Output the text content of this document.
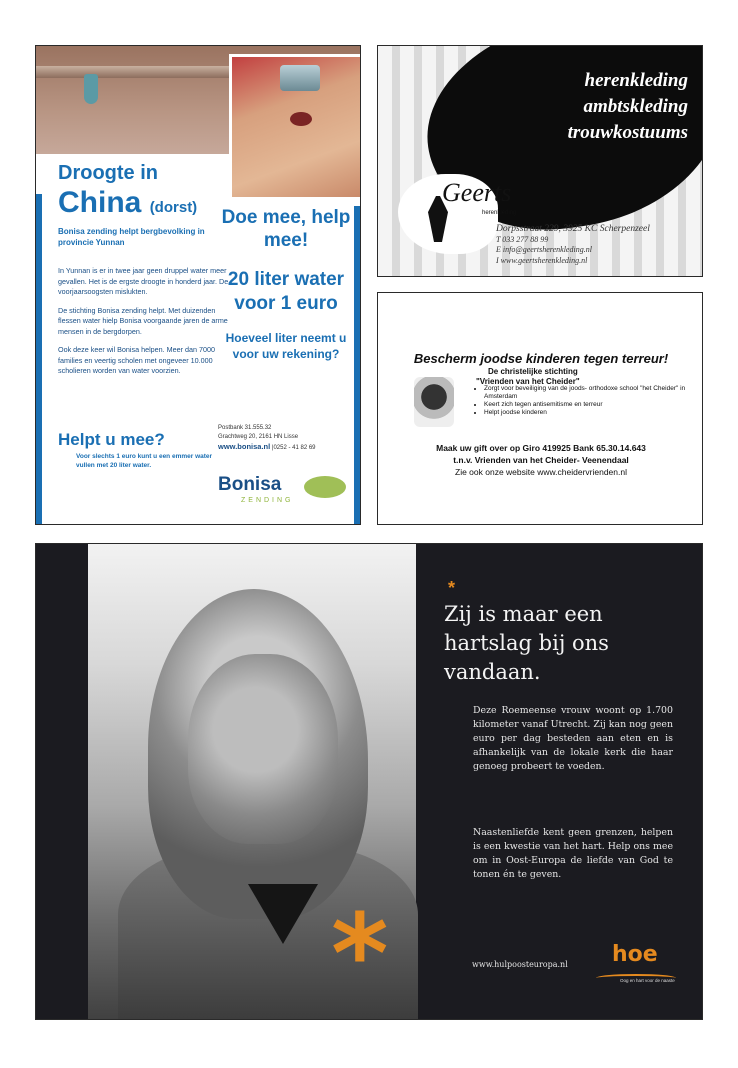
Droogte in
China (dorst)
Bonisa zending helpt bergbevolking in provincie Yunnan

In Yunnan is er in twee jaar geen druppel water meer gevallen. Het is de ergste droogte in honderd jaar. De voorjaarsoogsten mislukten.

De stichting Bonisa zending helpt. Met duizenden flessen water hielp Bonisa voorgaande jaren de arme mensen in de bergdorpen.

Ook deze keer wil Bonisa helpen. Meer dan 7000 families en veertig scholen met ongeveer 10.000 scholieren worden van water voorzien.

Helpt u mee?
Voor slechts 1 euro kunt u een emmer water vullen met 20 liter water.
Doe mee, help mee!
20 liter water voor 1 euro
Hoeveel liter neemt u voor uw rekening?
Postbank 31.555.32
Grachtweg 20, 2161 HN Lisse
www.bonisa.nl |0252 - 41 82 69
Bonisa
ZENDING
herenkleding
ambtskleding
trouwkostuums
Geerts
herenkleding
Dorpsstraat 229, 3925 KC Scherpenzeel
T 033 277 88 99
E info@geertsherenkleding.nl
I www.geertsherenkleding.nl
Bescherm joodse kinderen tegen terreur!
De christelijke stichting
"Vrienden van het Cheider"
• Zorgt voor beveiliging van de joods- orthodoxe school "het Cheider" in Amsterdam
• Keert zich tegen antisemitisme en terreur
• Helpt joodse kinderen
Maak uw gift over op Giro 419925 Bank 65.30.14.643
t.n.v. Vrienden van het Cheider- Veenendaal
Zie ook onze website www.cheidervrienden.nl
*
*
Zij is maar een hartslag bij ons vandaan.
Deze Roemeense vrouw woont op 1.700 kilometer vanaf Utrecht. Zij kan nog geen euro per dag besteden aan eten en is afhankelijk van de lokale kerk die haar genoeg probeert te voeden.
Naastenliefde kent geen grenzen, helpen is een kwestie van het hart. Help ons mee om in Oost-Europa de liefde van God te tonen én te geven.
www.hulpoosteuropa.nl hoe
Oog en hart voor de naaste
